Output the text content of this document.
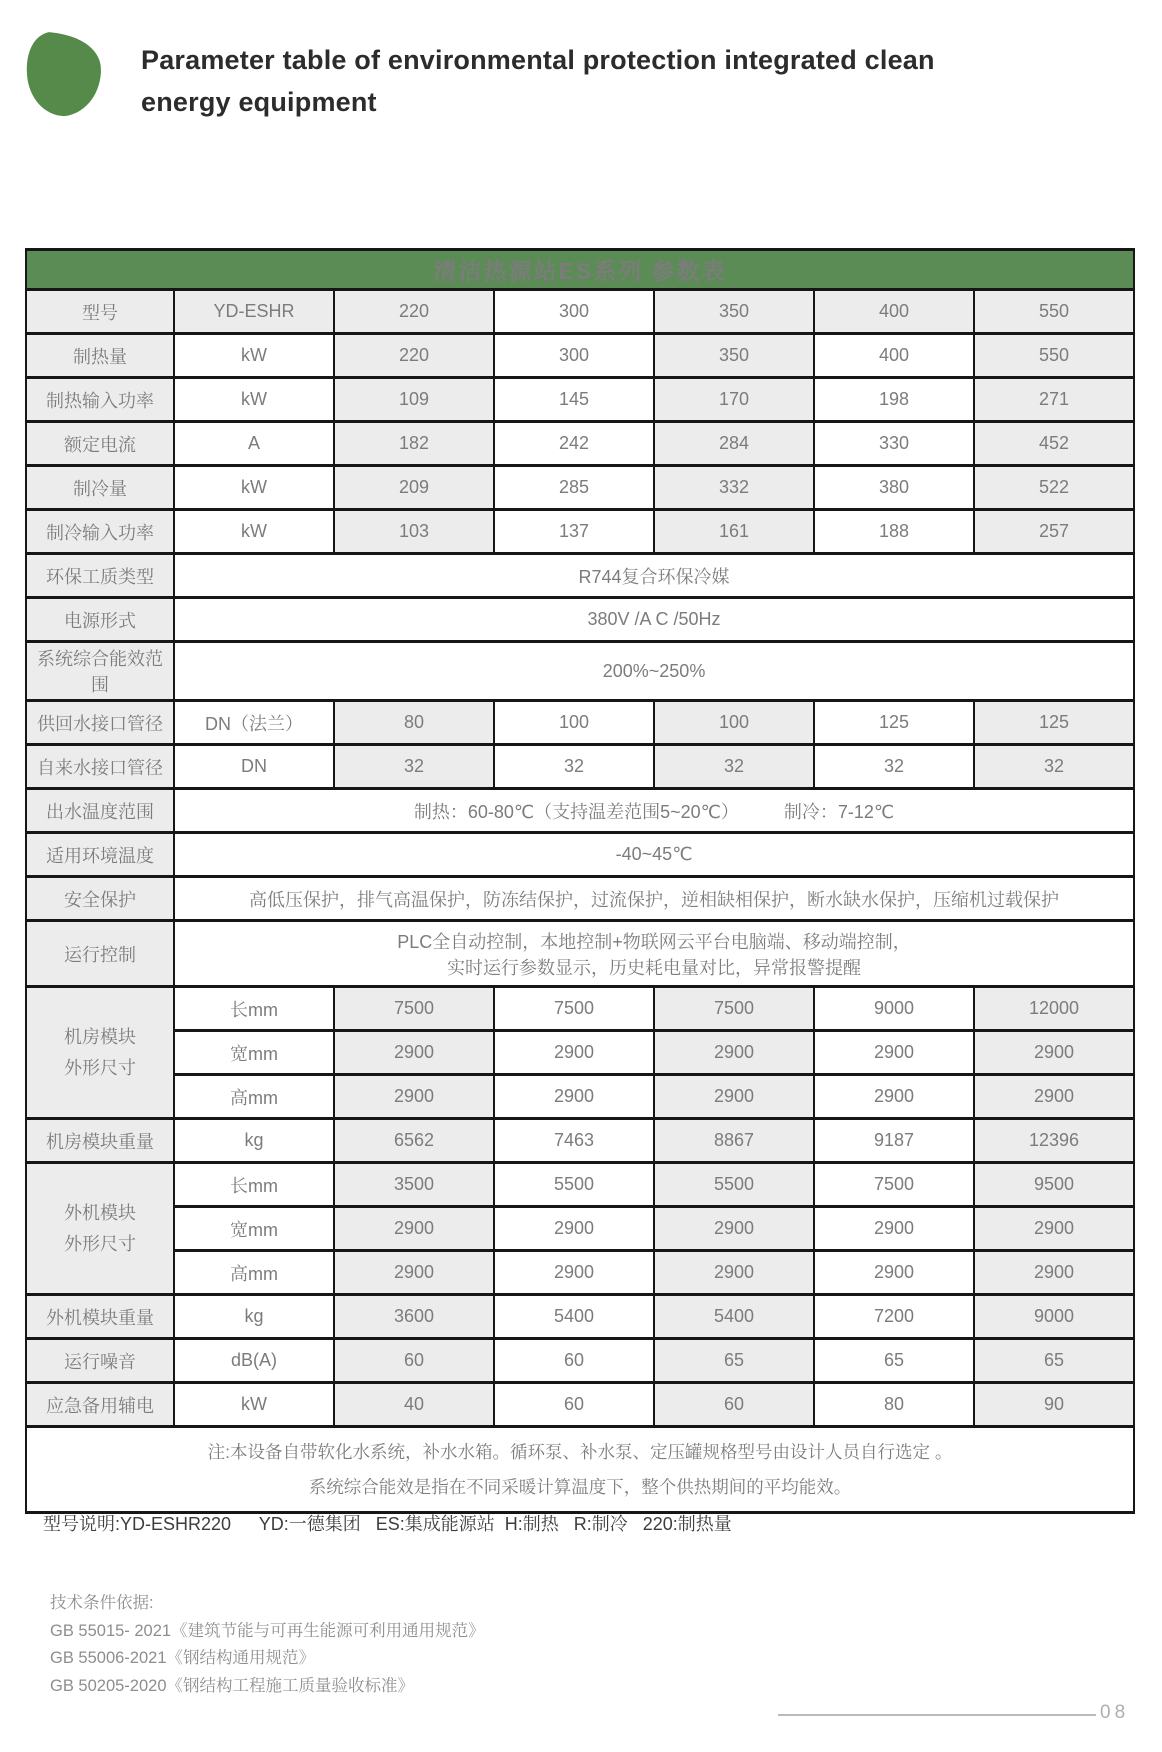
Parameter table of environmental protection integrated clean energy equipment
清洁热源站ES系列 参数表						
型号	YD-ESHR	220	300	350	400	550
制热量	kW	220	300	350	400	550
制热输入功率	kW	109	145	170	198	271
额定电流	A	182	242	284	330	452
制冷量	kW	209	285	332	380	522
制冷输入功率	kW	103	137	161	188	257
环保工质类型	R744复合环保冷媒					
电源形式	380V /A C /50Hz					
系统综合能效范围	200%~250%					
供回水接口管径	DN（法兰）	80	100	100	125	125
自来水接口管径	DN	32	32	32	32	32
出水温度范围	制热：60-80℃（支持温差范围5~20℃）　　　制冷：7-12℃					
适用环境温度	-40~45℃					
安全保护	高低压保护，排气高温保护，防冻结保护，过流保护，逆相缺相保护，断水缺水保护，压缩机过载保护					
运行控制	PLC全自动控制，本地控制+物联网云平台电脑端、移动端控制，
实时运行参数显示，历史耗电量对比，异常报警提醒					

机房模块
外形尺寸	长mm	7500	7500	7500	9000	12000
	宽mm	2900	2900	2900	2900	2900
	高mm	2900	2900	2900	2900	2900
机房模块重量	kg	6562	7463	8867	9187	12396

外机模块
外形尺寸	长mm	3500	5500	5500	7500	9500
	宽mm	2900	2900	2900	2900	2900
	高mm	2900	2900	2900	2900	2900
外机模块重量	kg	3600	5400	5400	7200	9000
运行噪音	dB(A)	60	60	65	65	65
应急备用辅电	kW	40	60	60	80	90

注:本设备自带软化水系统，补水水箱。循环泵、补水泵、定压罐规格型号由设计人员自行选定 。
系统综合能效是指在不同采暖计算温度下，整个供热期间的平均能效。						
型号说明:YD-ESHR220　  YD:一德集团   ES:集成能源站  H:制热   R:制冷   220:制热量
技术条件依据:
GB 55015- 2021《建筑节能与可再生能源可利用通用规范》
GB 55006-2021《钢结构通用规范》
GB 50205-2020《钢结构工程施工质量验收标准》
08
